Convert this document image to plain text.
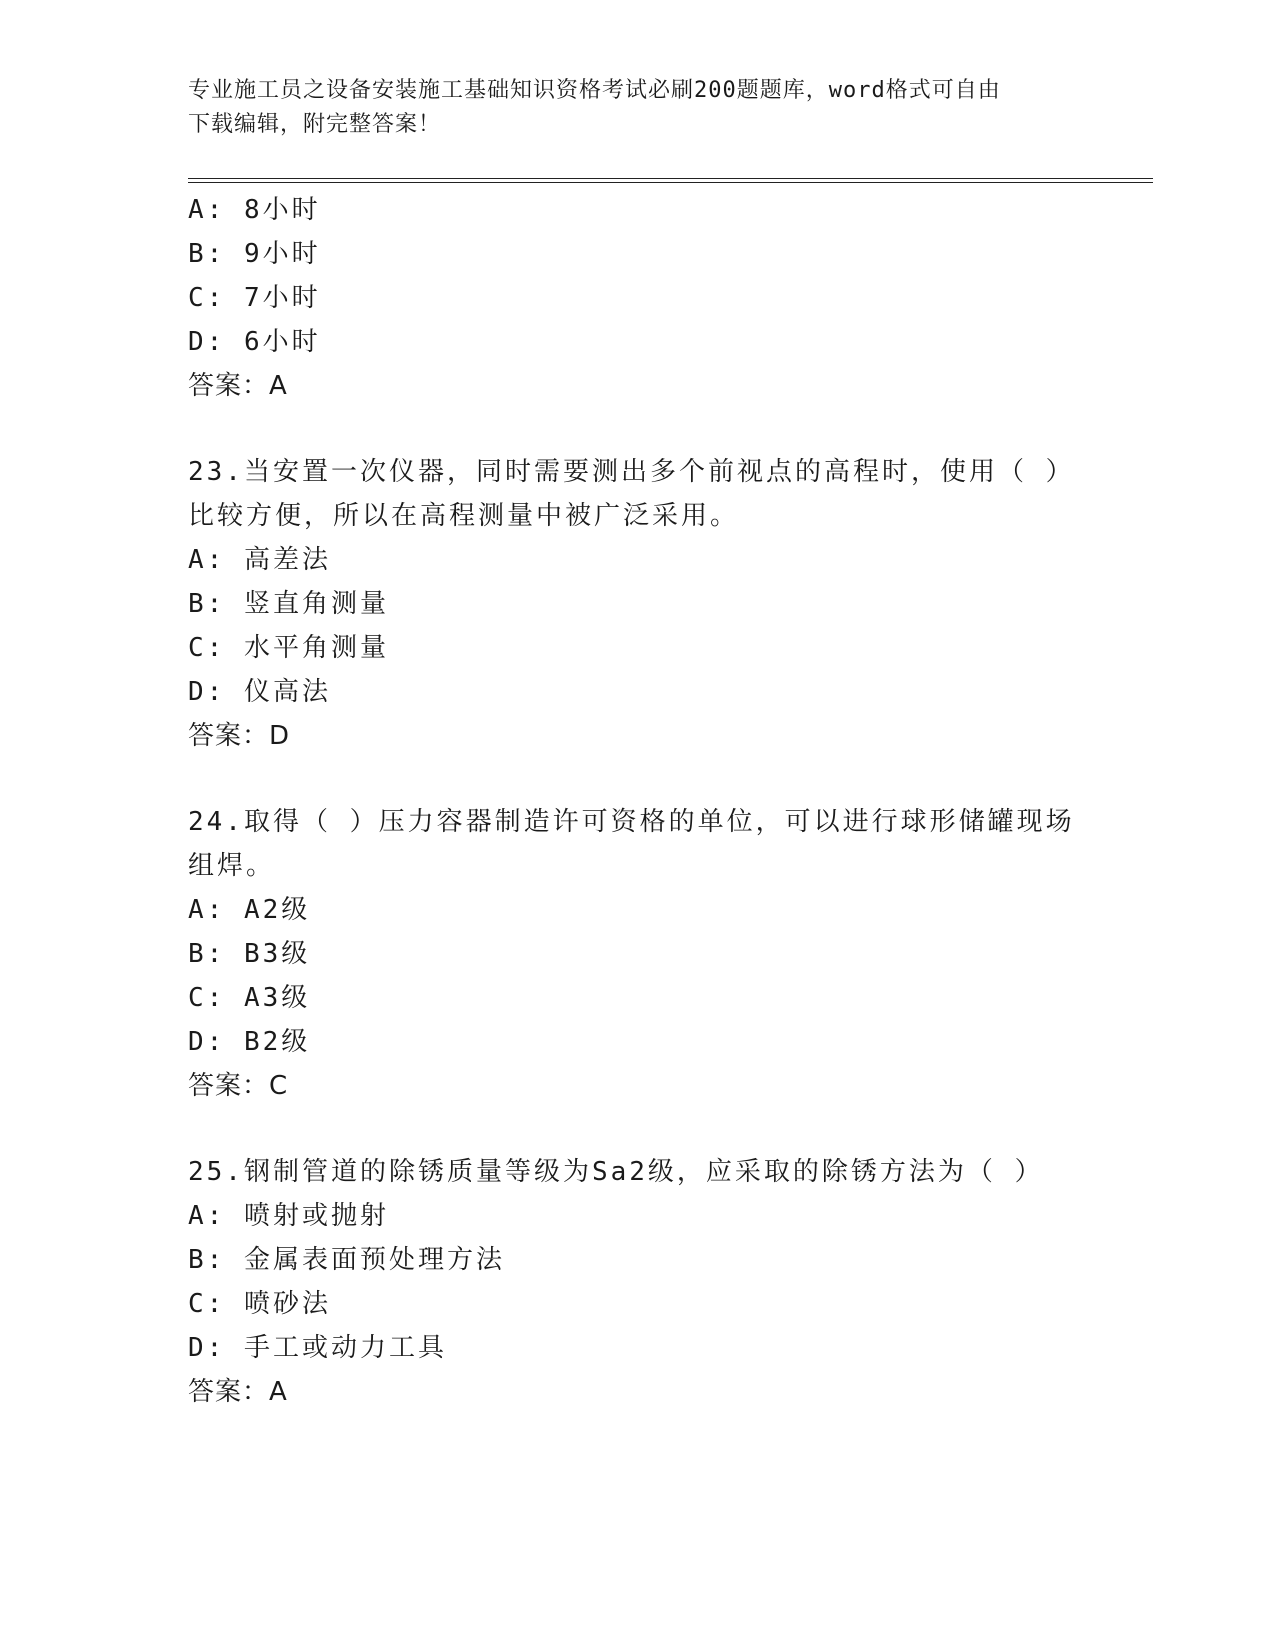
专业施工员之设备安装施工基础知识资格考试必刷200题题库，word格式可自由
下载编辑，附完整答案！
A: 8小时
B: 9小时
C: 7小时
D: 6小时
答案：A
23.当安置一次仪器，同时需要测出多个前视点的高程时，使用（ ）
比较方便，所以在高程测量中被广泛采用。
A: 高差法
B: 竖直角测量
C: 水平角测量
D: 仪高法
答案：D
24.取得（ ）压力容器制造许可资格的单位，可以进行球形储罐现场
组焊。
A: A2级
B: B3级
C: A3级
D: B2级
答案：C
25.钢制管道的除锈质量等级为Sa2级，应采取的除锈方法为（ ）
A: 喷射或抛射
B: 金属表面预处理方法
C: 喷砂法
D: 手工或动力工具
答案：A
